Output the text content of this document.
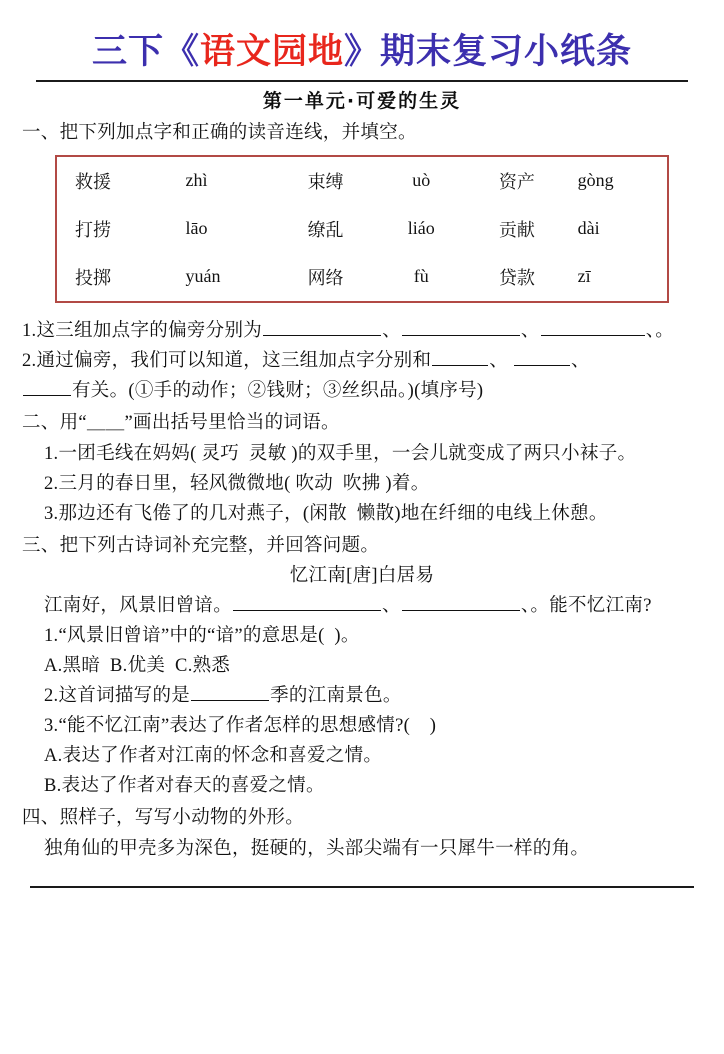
三下《语文园地》期末复习小纸条
第一单元·可爱的生灵
一、把下列加点字和正确的读音连线，并填空。
救援	zhì	束缚	uò	资产	gòng
打捞	lāo	缭乱	liáo	贡献	dài
投掷	yuán	网络	fù	贷款	zī
1.这三组加点字的偏旁分别为	、	、	、。
2.通过偏旁，我们可以知道，这三组加点字分别和	、	、
有关。(①手的动作；②钱财；③丝织品。)(填序号)
二、用“＿＿”画出括号里恰当的词语。
1.一团毛线在妈妈( 灵巧  灵敏 )的双手里，一会儿就变成了两只小袜子。
2.三月的春日里，轻风微微地( 吹动  吹拂 )着。
3.那边还有飞倦了的几对燕子，(闲散  懒散)地在纤细的电线上休憩。
三、把下列古诗词补充完整，并回答问题。
忆江南[唐]白居易
江南好，风景旧曾谙。	、	、。能不忆江南?
1.“风景旧曾谙”中的“谙”的意思是(  )。
A.黑暗  B.优美  C.熟悉
2.这首词描写的是	季的江南景色。
3.“能不忆江南”表达了作者怎样的思想感情?(    )
A.表达了作者对江南的怀念和喜爱之情。
B.表达了作者对春天的喜爱之情。
四、照样子，写写小动物的外形。
独角仙的甲壳多为深色，挺硬的，头部尖端有一只犀牛一样的角。
